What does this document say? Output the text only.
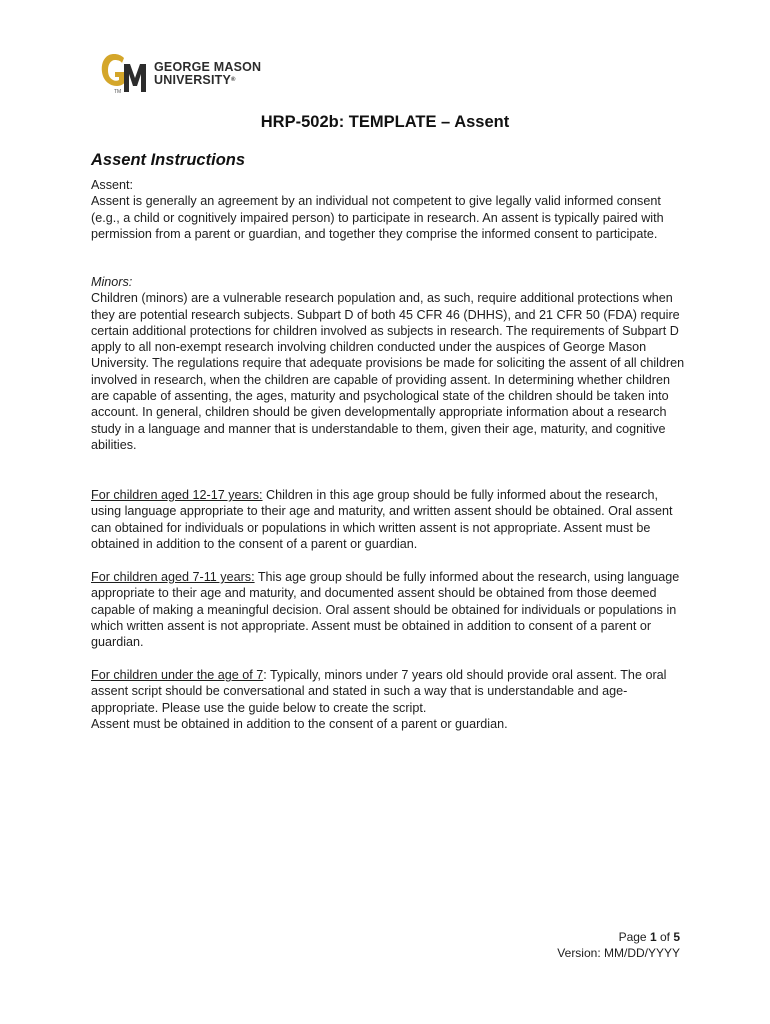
GEORGE MASON
UNIVERSITY®
TM
HRP-502b: TEMPLATE – Assent
Assent Instructions

Assent:

Assent is generally an agreement by an individual not competent to give legally valid informed consent (e.g., a child or cognitively impaired person) to participate in research. An assent is typically paired with permission from a parent or guardian, and together they comprise the informed consent to participate.

Minors:

Children (minors) are a vulnerable research population and, as such, require additional protections when they are potential research subjects. Subpart D of both 45 CFR 46 (DHHS), and 21 CFR 50 (FDA) require certain additional protections for children involved as subjects in research. The requirements of Subpart D apply to all non-exempt research involving children conducted under the auspices of George Mason University. The regulations require that adequate provisions be made for soliciting the assent of all children involved in research, when the children are capable of providing assent. In determining whether children are capable of assenting, the ages, maturity and psychological state of the children should be taken into account. In general, children should be given developmentally appropriate information about a research study in a language and manner that is understandable to them, given their age, maturity, and cognitive abilities.

For children aged 12-17 years: Children in this age group should be fully informed about the research, using language appropriate to their age and maturity, and written assent should be obtained. Oral assent can obtained for individuals or populations in which written assent is not appropriate. Assent must be obtained in addition to the consent of a parent or guardian.

For children aged 7-11 years: This age group should be fully informed about the research, using language appropriate to their age and maturity, and documented assent should be obtained from those deemed capable of making a meaningful decision. Oral assent should be obtained for individuals or populations in which written assent is not appropriate. Assent must be obtained in addition to consent of a parent or guardian.

For children under the age of 7: Typically, minors under 7 years old should provide oral assent. The oral assent script should be conversational and stated in such a way that is understandable and age-appropriate. Please use the guide below to create the script.

Assent must be obtained in addition to the consent of a parent or guardian.

Page 1 of 5
Version: MM/DD/YYYY
